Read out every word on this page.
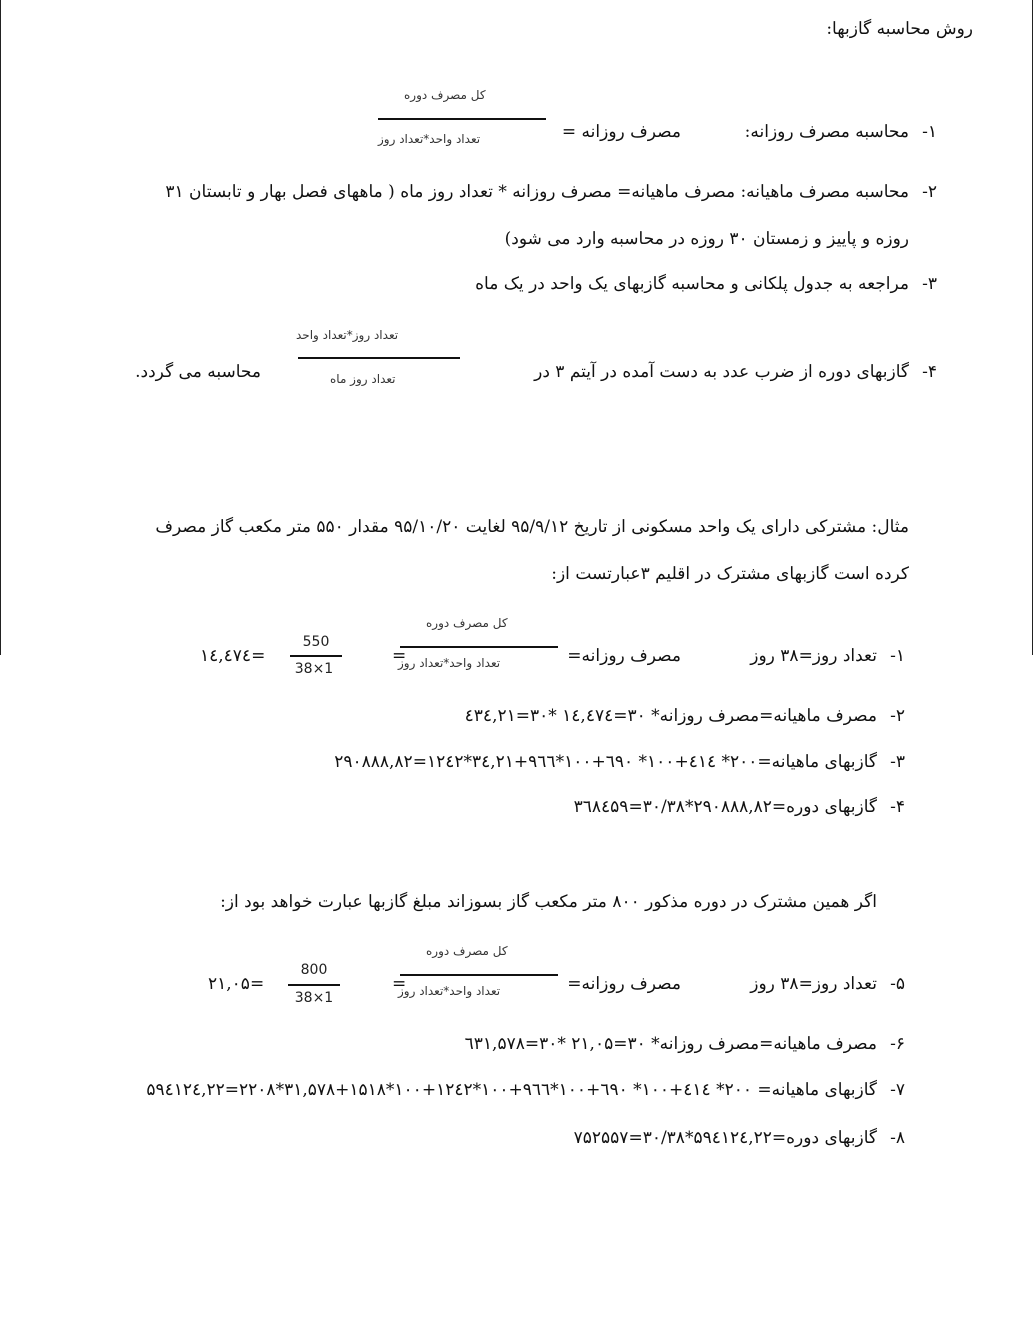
روش محاسبه گازبها:
۱-
محاسبه مصرف روزانه:
مصرف روزانه =
کل مصرف دوره
تعداد واحد*تعداد روز
۲-
محاسبه مصرف ماهیانه: مصرف ماهیانه= مصرف روزانه * تعداد روز ماه ( ماههای فصل بهار و تابستان ۳۱
روزه و پاییز و زمستان ۳۰ روزه در محاسبه وارد می شود)
۳-
مراجعه به جدول پلکانی و محاسبه گازبهای یک واحد در یک ماه
۴-
گازبهای دوره از ضرب عدد به دست آمده در آیتم ۳ در
تعداد روز*تعداد واحد
تعداد روز ماه
محاسبه می گردد.
مثال: مشترکی دارای یک واحد مسکونی از تاریخ ۹۵/۹/۱۲ لغایت ۹۵/۱۰/۲۰ مقدار ۵۵۰ متر مکعب گاز مصرف
کرده است گازبهای مشترک در اقلیم ۳عبارتست از:
۱-
تعداد روز=۳۸ روز
مصرف روزانه=
کل مصرف دوره
تعداد واحد*تعداد روز
=
550
38×1
=۱٤,٤۷٤
۲-
مصرف ماهیانه=مصرف روزانه* ۳۰=۱٤,٤۷٤ *۳۰=٤۳٤,۲۱
۳-
گازبهای ماهیانه=۲۰۰* ٤۱٤+۱۰۰* ٦۹۰+۱۰۰*۹٦٦+۳٤,۲۱*۱۲٤۲=۲۹۰۸۸۸,۸۲
۴-
گازبهای دوره=۲۹۰۸۸۸,۸۲*۳۰/۳۸=۳٦۸٤۵۹
اگر همین مشترک در دوره مذکور ۸۰۰ متر مکعب گاز بسوزاند مبلغ گازبها عبارت خواهد بود از:
۵-
تعداد روز=۳۸ روز
مصرف روزانه=
کل مصرف دوره
تعداد واحد*تعداد روز
=
800
38×1
=۲۱,۰۵
۶-
مصرف ماهیانه=مصرف روزانه* ۳۰=۲۱,۰۵ *۳۰=٦۳۱,۵۷۸
۷-
گازبهای ماهیانه= ۲۰۰* ٤۱٤+۱۰۰* ٦۹۰+۱۰۰*۹٦٦+۱۰۰*۱۲٤۲+۱۰۰*۱۵۱۸+۳۱,۵۷۸*۲۲۰۸=۵۹٤۱۲٤,۲۲
۸-
گازبهای دوره=۵۹٤۱۲٤,۲۲*۳۰/۳۸=۷۵۲۵۵۷
